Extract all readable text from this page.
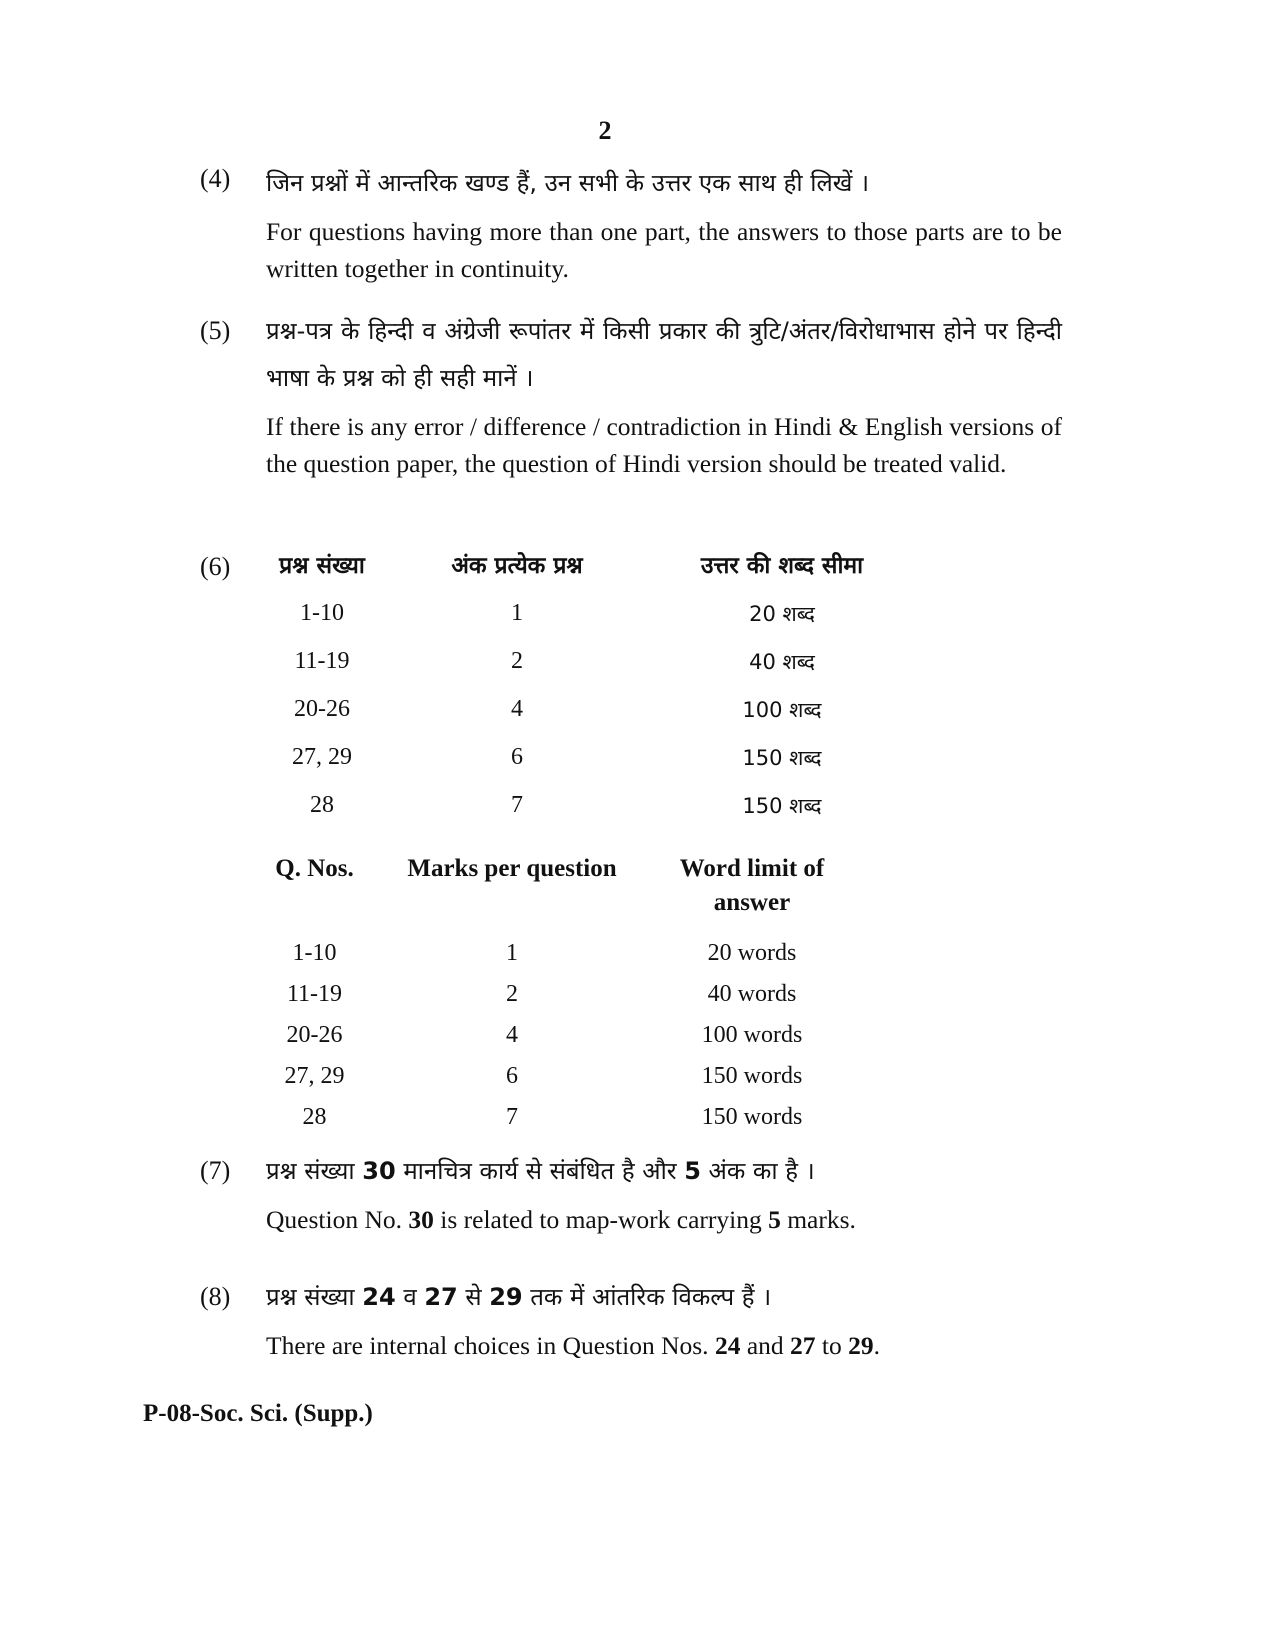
2
(4) जिन प्रश्नों में आन्तरिक खण्ड हैं, उन सभी के उत्तर एक साथ ही लिखें ।

For questions having more than one part, the answers to those parts are to be written together in continuity.

(5) प्रश्न-पत्र के हिन्दी व अंग्रेजी रूपांतर में किसी प्रकार की त्रुटि/अंतर/विरोधाभास होने पर हिन्दी भाषा के प्रश्न को ही सही मानें ।

If there is any error / difference / contradiction in Hindi & English versions of the question paper, the question of Hindi version should be treated valid.

(6)	प्रश्न संख्या	अंक प्रत्येक प्रश्न	उत्तर की शब्द सीमा
1-10	1	20 शब्द
11-19	2	40 शब्द
20-26	4	100 शब्द
27, 29	6	150 शब्द
28	7	150 शब्द
Q. Nos.	Marks per question	Word limit of answer
1-10	1	20 words
11-19	2	40 words
20-26	4	100 words
27, 29	6	150 words
28	7	150 words
(7) प्रश्न संख्या 30 मानचित्र कार्य से संबंधित है और 5 अंक का है ।

Question No. 30 is related to map-work carrying 5 marks.

(8) प्रश्न संख्या 24 व 27 से 29 तक में आंतरिक विकल्प हैं ।

There are internal choices in Question Nos. 24 and 27 to 29.

P-08-Soc. Sci. (Supp.)
